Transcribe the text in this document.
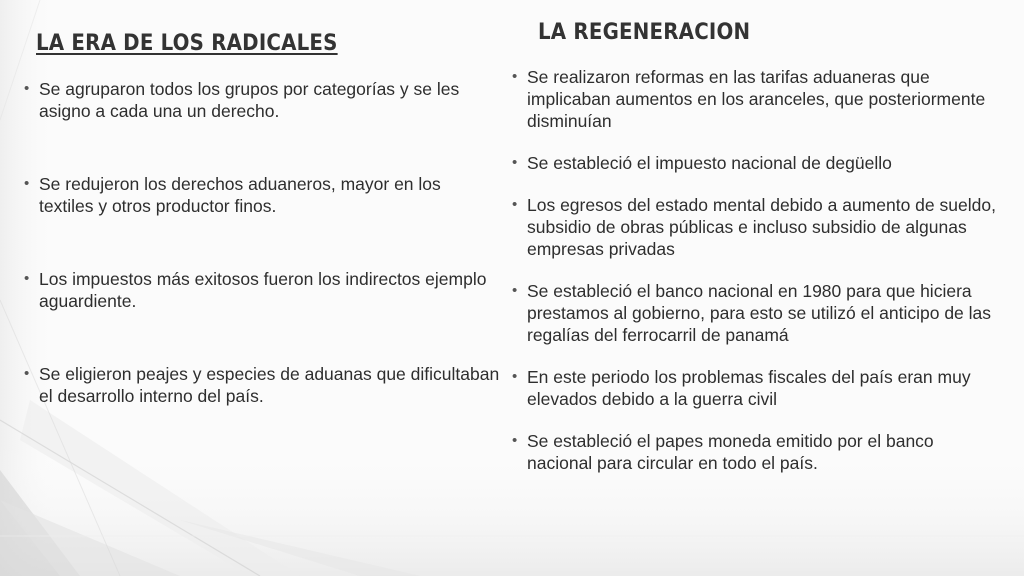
LA ERA DE LOS RADICALES
• Se agruparon todos los grupos por categorías y se les asigno a cada una un derecho.
• Se redujeron los derechos aduaneros, mayor en los textiles y otros productor finos.
• Los impuestos más exitosos fueron los indirectos ejemplo aguardiente.
• Se eligieron peajes y especies de aduanas que dificultaban el desarrollo interno del país.
LA REGENERACION
• Se realizaron reformas en las tarifas aduaneras que implicaban aumentos en los aranceles, que posteriormente disminuían
• Se estableció el impuesto nacional de degüello
• Los egresos del estado mental debido a aumento de sueldo, subsidio de obras públicas e incluso subsidio de algunas empresas privadas
• Se estableció el banco nacional en 1980 para que hiciera prestamos al gobierno, para esto se utilizó el anticipo de las regalías del ferrocarril de panamá
• En este periodo los problemas fiscales del país eran muy elevados debido a la guerra civil
• Se estableció el papes moneda emitido por el banco nacional para circular en todo el país.
